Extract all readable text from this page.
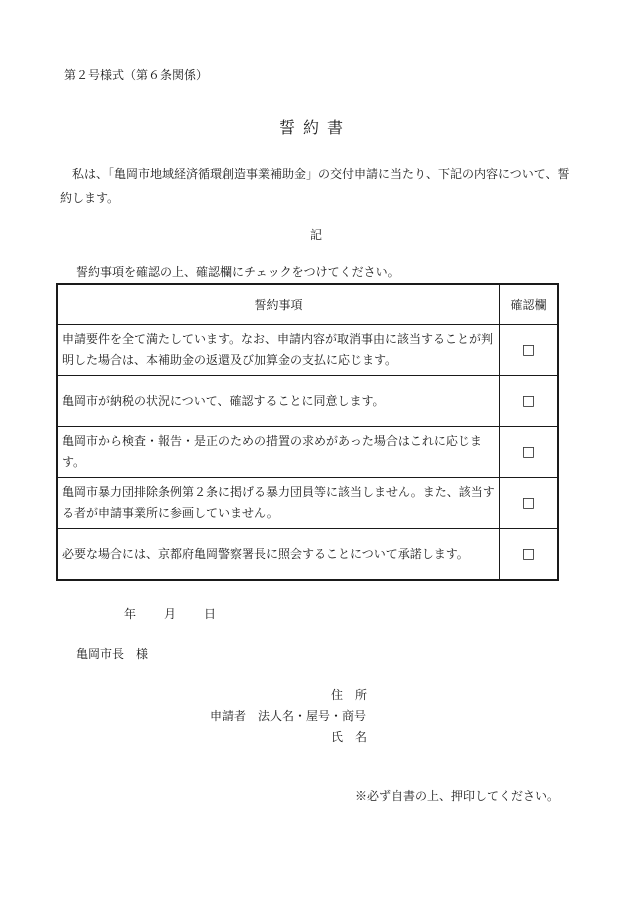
第２号様式（第６条関係）
誓約書
 私は、「亀岡市地域経済循環創造事業補助金」の交付申請に当たり、下記の内容について、誓約します。
記
誓約事項を確認の上、確認欄にチェックをつけてください。
誓約事項	確認欄
申請要件を全て満たしています。なお、申請内容が取消事由に該当することが判明した場合は、本補助金の返還及び加算金の支払に応じます。	□
亀岡市が納税の状況について、確認することに同意します。	□
亀岡市から検査・報告・是正のための措置の求めがあった場合はこれに応じます。	□
亀岡市暴力団排除条例第２条に掲げる暴力団員等に該当しません。また、該当する者が申請事業所に参画していません。	□
必要な場合には、京都府亀岡警察署長に照会することについて承諾します。	□
年 月 日
亀岡市長　様
住　所
申請者 法人名・屋号・商号
氏　名
※必ず自書の上、押印してください。
